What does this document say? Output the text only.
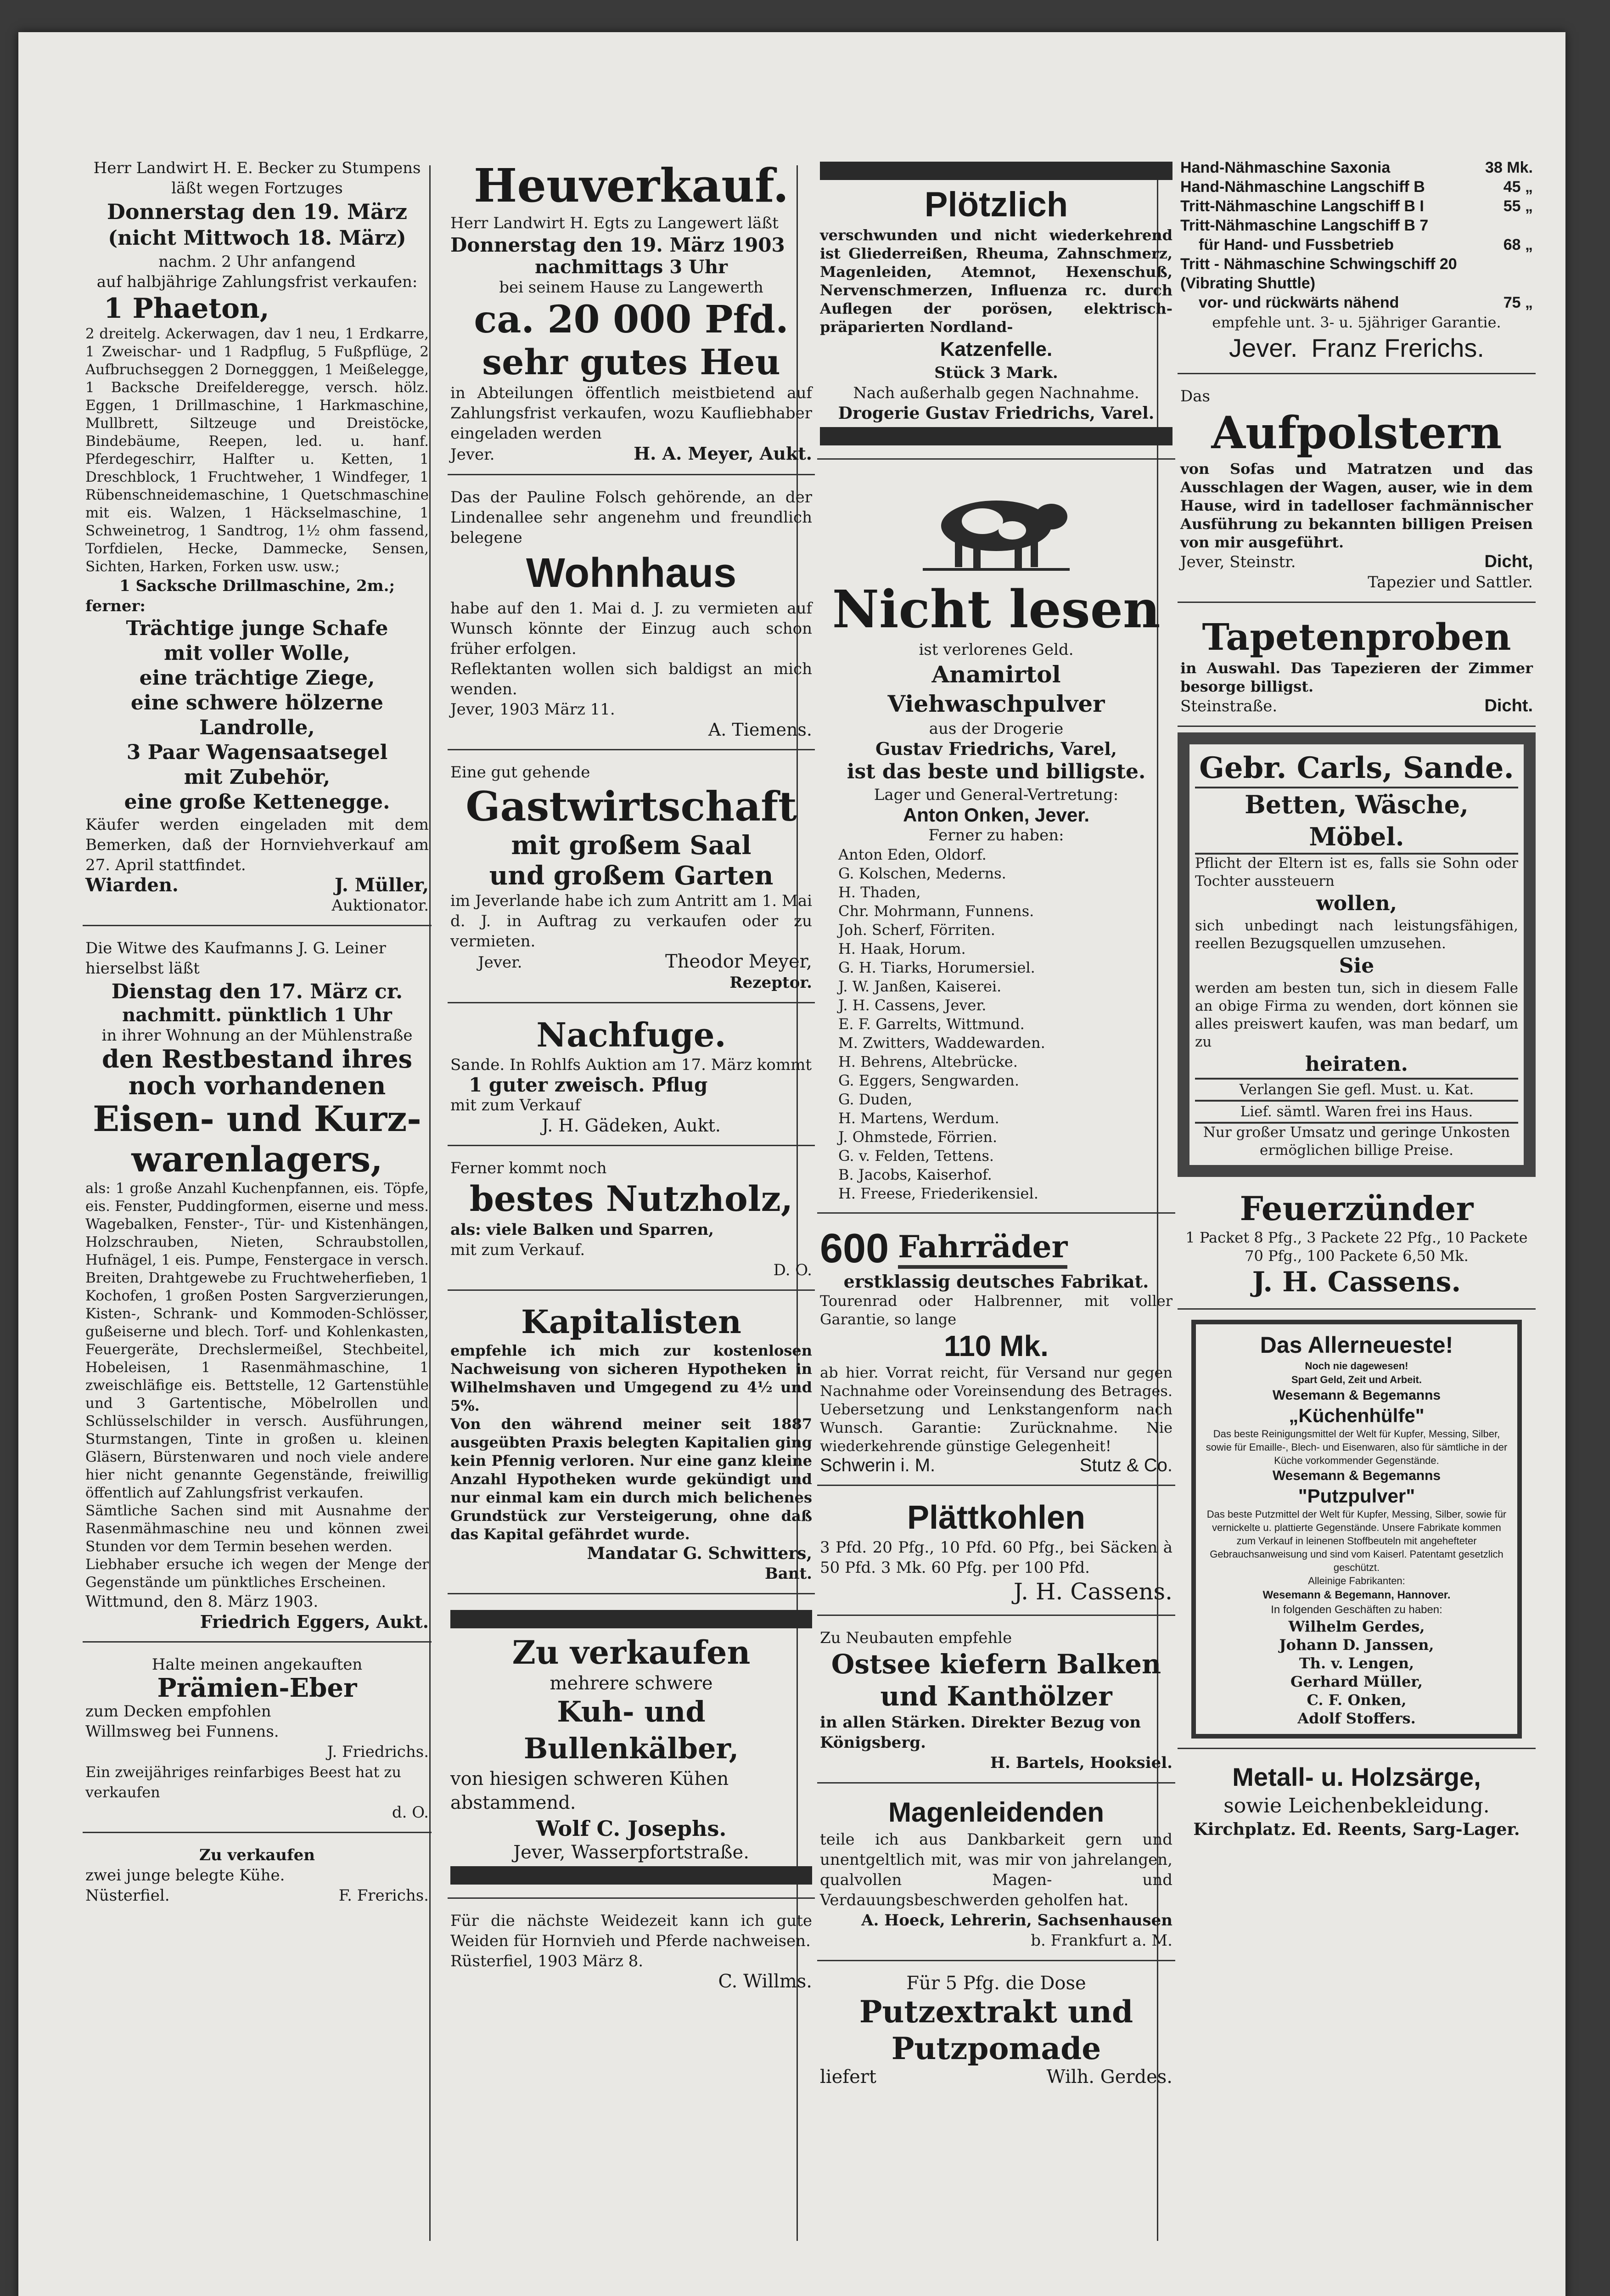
Herr Landwirt H. E. Becker zu Stumpens läßt wegen Fortzuges

Donnerstag den 19. März

(nicht Mittwoch 18. März)

nachm. 2 Uhr anfangend

auf halbjährige Zahlungsfrist verkaufen:

1 Phaeton,

2 dreitelg. Ackerwagen, dav 1 neu, 1 Erdkarre, 1 Zweischar- und 1 Radpflug, 5 Fußpflüge, 2 Aufbruchseggen 2 Dornegggen, 1 Meißelegge, 1 Backsche Dreifelderegge, versch. hölz. Eggen, 1 Drillmaschine, 1 Harkmaschine, Mullbrett, Siltzeuge und Dreistöcke, Bindebäume, Reepen, led. u. hanf. Pferdegeschirr, Halfter u. Ketten, 1 Dreschblock, 1 Fruchtweher, 1 Windfeger, 1 Rübenschneidemaschine, 1 Quetschmaschine mit eis. Walzen, 1 Häckselmaschine, 1 Schweinetrog, 1 Sandtrog, 1½ ohm fassend, Torfdielen, Hecke, Dammecke, Sensen, Sichten, Harken, Forken usw. usw.;

1 Sacksche Drillmaschine, 2m.;

ferner:

Trächtige junge Schafe

mit voller Wolle,

eine trächtige Ziege,

eine schwere hölzerne

Landrolle,

3 Paar Wagensaatsegel

mit Zubehör,

eine große Kettenegge.

Käufer werden eingeladen mit dem Bemerken, daß der Hornviehverkauf am 27. April stattfindet.

Wiarden.	J. Müller,

Auktionator.

Die Witwe des Kaufmanns J. G. Leiner hierselbst läßt

Dienstag den 17. März cr.

nachmitt. pünktlich 1 Uhr

in ihrer Wohnung an der Mühlenstraße

den Restbestand ihres

noch vorhandenen

Eisen- und Kurz-

warenlagers,

als: 1 große Anzahl Kuchenpfannen, eis. Töpfe, eis. Fenster, Puddingformen, eiserne und mess. Wagebalken, Fenster-, Tür- und Kistenhängen, Holzschrauben, Nieten, Schraubstollen, Hufnägel, 1 eis. Pumpe, Fenstergace in versch. Breiten, Drahtgewebe zu Fruchtweherfieben, 1 Kochofen, 1 großen Posten Sargverzierungen, Kisten-, Schrank- und Kommoden-Schlösser, gußeiserne und blech. Torf- und Kohlenkasten, Feuergeräte, Drechslermeißel, Stechbeitel, Hobeleisen, 1 Rasenmähmaschine, 1 zweischläfige eis. Bettstelle, 12 Gartenstühle und 3 Gartentische, Möbelrollen und Schlüsselschilder in versch. Ausführungen, Sturmstangen, Tinte in großen u. kleinen Gläsern, Bürstenwaren und noch viele andere hier nicht genannte Gegenstände, freiwillig öffentlich auf Zahlungsfrist verkaufen.

Sämtliche Sachen sind mit Ausnahme der Rasenmähmaschine neu und können zwei Stunden vor dem Termin besehen werden.

Liebhaber ersuche ich wegen der Menge der Gegenstände um pünktliches Erscheinen.

Wittmund, den 8. März 1903.

Friedrich Eggers, Aukt.

Halte meinen angekauften

Prämien-Eber

zum Decken empfohlen

Willmsweg bei Funnens.

J. Friedrichs.

Ein zweijähriges reinfarbiges Beest hat zu verkaufen

d. O.

Zu verkaufen

zwei junge belegte Kühe.

Nüsterfiel.	F. Frerichs.

Heuverkauf.

Herr Landwirt H. Egts zu Langewert läßt

Donnerstag den 19. März 1903

nachmittags 3 Uhr

bei seinem Hause zu Langewerth

ca. 20 000 Pfd.

sehr gutes Heu

in Abteilungen öffentlich meistbietend auf Zahlungsfrist verkaufen, wozu Kaufliebhaber eingeladen werden

Jever.	H. A. Meyer, Aukt.

Das der Pauline Folsch gehörende, an der Lindenallee sehr angenehm und freundlich belegene

Wohnhaus

habe auf den 1. Mai d. J. zu vermieten auf Wunsch könnte der Einzug auch schon früher erfolgen.

Reflektanten wollen sich baldigst an mich wenden.

Jever, 1903 März 11.

A. Tiemens.

Eine gut gehende

Gastwirtschaft

mit großem Saal

und großem Garten

im Jeverlande habe ich zum Antritt am 1. Mai d. J. in Auftrag zu verkaufen oder zu vermieten.

Jever.	Theodor Meyer,

Rezeptor.

Nachfuge.

Sande. In Rohlfs Auktion am 17. März kommt

1 guter zweisch. Pflug

mit zum Verkauf

J. H. Gädeken, Aukt.

Ferner kommt noch

bestes Nutzholz,

als: viele Balken und Sparren,

mit zum Verkauf.

D. O.

Kapitalisten

empfehle ich mich zur kostenlosen Nachweisung von sicheren Hypotheken in Wilhelmshaven und Umgegend zu 4½ und 5%.

Von den während meiner seit 1887 ausgeübten Praxis belegten Kapitalien ging kein Pfennig verloren. Nur eine ganz kleine Anzahl Hypotheken wurde gekündigt und nur einmal kam ein durch mich belichenes Grundstück zur Versteigerung, ohne daß das Kapital gefährdet wurde.

Mandatar G. Schwitters,

Bant.

Zu verkaufen

mehrere schwere

Kuh- und Bullenkälber,

von hiesigen schweren Kühen abstammend.

Wolf C. Josephs.

Jever, Wasserpfortstraße.

Für die nächste Weidezeit kann ich gute Weiden für Hornvieh und Pferde nachweisen.

Rüsterfiel, 1903 März 8.

C. Willms.

Plötzlich

verschwunden und nicht wiederkehrend ist Gliederreißen, Rheuma, Zahnschmerz, Magenleiden, Atemnot, Hexenschuß, Nervenschmerzen, Influenza rc. durch Auflegen der porösen, elektrisch-präparierten Nordland-

Katzenfelle.

Stück 3 Mark.

Nach außerhalb gegen Nachnahme.

Drogerie Gustav Friedrichs, Varel.

Nicht lesen

ist verlorenes Geld.

Anamirtol Viehwaschpulver

aus der Drogerie

Gustav Friedrichs, Varel,

ist das beste und billigste.

Lager und General-Vertretung:

Anton Onken, Jever.

Ferner zu haben:

Anton Eden, Oldorf.
G. Kolschen, Mederns.
H. Thaden,
Chr. Mohrmann, Funnens.
Joh. Scherf, Förriten.
H. Haak, Horum.
G. H. Tiarks, Horumersiel.
J. W. Janßen, Kaiserei.
J. H. Cassens, Jever.
E. F. Garrelts, Wittmund.
M. Zwitters, Waddewarden.
H. Behrens, Altebrücke.
G. Eggers, Sengwarden.
G. Duden,
H. Martens, Werdum.
J. Ohmstede, Förrien.
G. v. Felden, Tettens.
B. Jacobs, Kaiserhof.
H. Freese, Friederikensiel.

600 Fahrräder

erstklassig deutsches Fabrikat.

Tourenrad oder Halbrenner, mit voller Garantie, so lange

110 Mk.

ab hier. Vorrat reicht, für Versand nur gegen Nachnahme oder Voreinsendung des Betrages. Uebersetzung und Lenkstangenform nach Wunsch. Garantie: Zurücknahme. Nie wiederkehrende günstige Gelegenheit!

Schwerin i. M.	Stutz & Co.

Plättkohlen

3 Pfd. 20 Pfg., 10 Pfd. 60 Pfg., bei Säcken à 50 Pfd. 3 Mk. 60 Pfg. per 100 Pfd.

J. H. Cassens.

Zu Neubauten empfehle

Ostsee kiefern Balken

und Kanthölzer

in allen Stärken. Direkter Bezug von Königsberg.

H. Bartels, Hooksiel.

Magenleidenden

teile ich aus Dankbarkeit gern und unentgeltlich mit, was mir von jahrelangen, qualvollen Magen- und Verdauungsbeschwerden geholfen hat.

A. Hoeck, Lehrerin, Sachsenhausen

b. Frankfurt a. M.

Für 5 Pfg. die Dose

Putzextrakt und

Putzpomade

liefert	Wilh. Gerdes.

Hand-Nähmaschine Saxonia	38 Mk.
Hand-Nähmaschine Langschiff B	45 „
Tritt-Nähmaschine Langschiff B I	55 „
Tritt-Nähmaschine Langschiff B 7
für Hand- und Fussbetrieb	68 „
Tritt - Nähmaschine Schwingschiff 20 (Vibrating Shuttle)
vor- und rückwärts nähend	75 „

empfehle unt. 3- u. 5jähriger Garantie.

Jever. Franz Frerichs.

Das

Aufpolstern

von Sofas und Matratzen und das Ausschlagen der Wagen, auser, wie in dem Hause, wird in tadelloser fachmännischer Ausführung zu bekannten billigen Preisen von mir ausgeführt.

Jever, Steinstr.	Dicht,

Tapezier und Sattler.

Tapetenproben

in Auswahl. Das Tapezieren der Zimmer besorge billigst.

Steinstraße.	Dicht.

Gebr. Carls, Sande.

Betten, Wäsche, Möbel.

Pflicht der Eltern ist es, falls sie Sohn oder Tochter aussteuern

wollen,

sich unbedingt nach leistungsfähigen, reellen Bezugsquellen umzusehen.

Sie

werden am besten tun, sich in diesem Falle an obige Firma zu wenden, dort können sie alles preiswert kaufen, was man bedarf, um zu

heiraten.

Verlangen Sie gefl. Must. u. Kat.

Lief. sämtl. Waren frei ins Haus.

Nur großer Umsatz und geringe Unkosten ermöglichen billige Preise.

Feuerzünder

1 Packet 8 Pfg., 3 Packete 22 Pfg., 10 Packete 70 Pfg., 100 Packete 6,50 Mk.

J. H. Cassens.

Das Allerneueste!

Noch nie dagewesen!

Spart Geld, Zeit und Arbeit.

Wesemann & Begemanns

„Küchenhülfe"

Das beste Reinigungsmittel der Welt für Kupfer, Messing, Silber, sowie für Emaille-, Blech- und Eisenwaren, also für sämtliche in der Küche vorkommender Gegenstände.

Wesemann & Begemanns

"Putzpulver"

Das beste Putzmittel der Welt für Kupfer, Messing, Silber, sowie für vernickelte u. plattierte Gegenstände. Unsere Fabrikate kommen zum Verkauf in leinenen Stoffbeuteln mit angehefteter Gebrauchsanweisung und sind vom Kaiserl. Patentamt gesetzlich geschützt.

Alleinige Fabrikanten:

Wesemann & Begemann, Hannover.

In folgenden Geschäften zu haben:

Wilhelm Gerdes,

Johann D. Janssen,

Th. v. Lengen,

Gerhard Müller,

C. F. Onken,

Adolf Stoffers.

Metall- u. Holzsärge,

sowie Leichenbekleidung.

Kirchplatz. Ed. Reents, Sarg-Lager.
